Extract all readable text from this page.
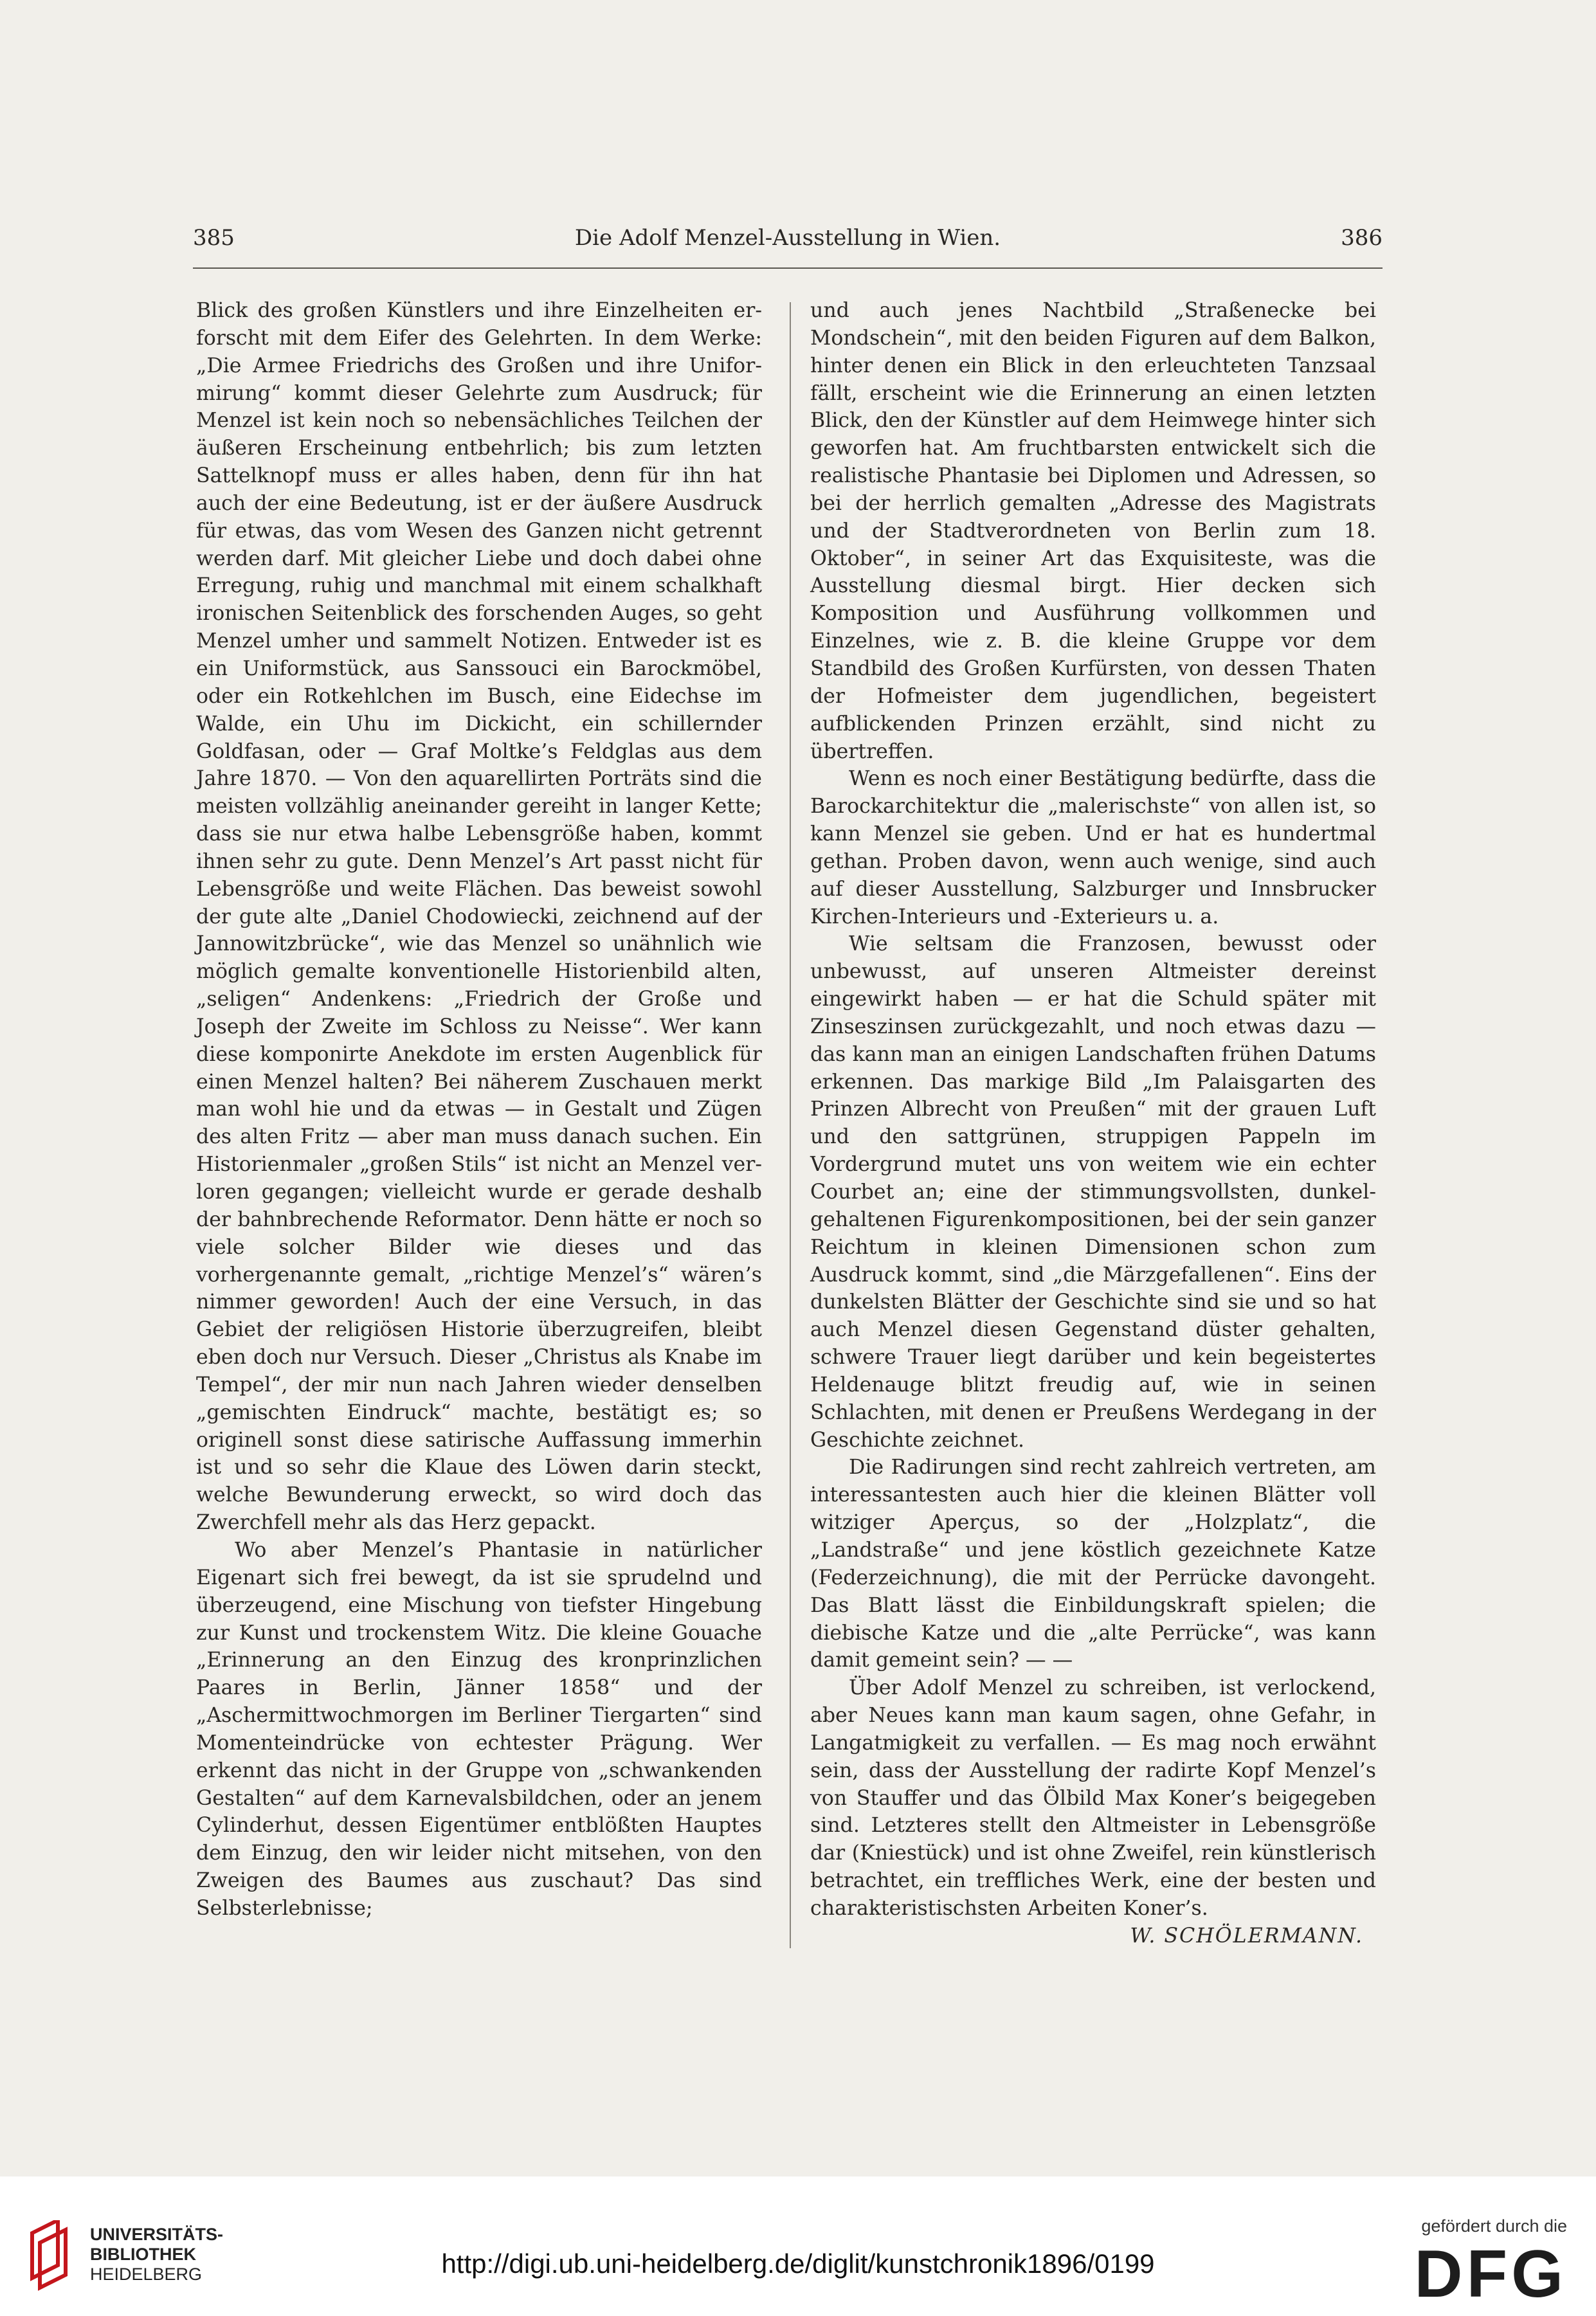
385	Die Adolf Menzel-Ausstellung in Wien.	386

Blick des großen Künstlers und ihre Einzelheiten erforscht mit dem Eifer des Gelehrten. In dem Werke: „Die Armee Friedrichs des Großen und ihre Uniformirung“ kommt dieser Gelehrte zum Ausdruck; für Menzel ist kein noch so nebensächliches Teilchen der äußeren Erscheinung entbehrlich; bis zum letzten Sattelknopf muss er alles haben, denn für ihn hat auch der eine Bedeutung, ist er der äußere Ausdruck für etwas, das vom Wesen des Ganzen nicht getrennt werden darf. Mit gleicher Liebe und doch dabei ohne Erregung, ruhig und manchmal mit einem schalkhaft ironischen Seitenblick des forschenden Auges, so geht Menzel umher und sammelt Notizen. Entweder ist es ein Uniformstück, aus Sanssouci ein Barockmöbel, oder ein Rotkehlchen im Busch, eine Eidechse im Walde, ein Uhu im Dickicht, ein schillernder Goldfasan, oder — Graf Moltke’s Feldglas aus dem Jahre 1870. — Von den aquarellirten Porträts sind die meisten vollzählig aneinander gereiht in langer Kette; dass sie nur etwa halbe Lebensgröße haben, kommt ihnen sehr zu gute. Denn Menzel’s Art passt nicht für Lebensgröße und weite Flächen. Das beweist sowohl der gute alte „Daniel Chodowiecki, zeichnend auf der Jannowitzbrücke“, wie das Menzel so unähnlich wie möglich gemalte konventionelle Historienbild alten, „seligen“ Andenkens: „Friedrich der Große und Joseph der Zweite im Schloss zu Neisse“. Wer kann diese komponirte Anekdote im ersten Augenblick für einen Menzel halten? Bei näherem Zuschauen merkt man wohl hie und da etwas — in Gestalt und Zügen des alten Fritz — aber man muss danach suchen. Ein Historienmaler „großen Stils“ ist nicht an Menzel verloren gegangen; vielleicht wurde er gerade deshalb der bahnbrechende Reformator. Denn hätte er noch so viele solcher Bilder wie dieses und das vorhergenannte gemalt, „richtige Menzel’s“ wären’s nimmer geworden! Auch der eine Versuch, in das Gebiet der religiösen Historie überzugreifen, bleibt eben doch nur Versuch. Dieser „Christus als Knabe im Tempel“, der mir nun nach Jahren wieder denselben „gemischten Eindruck“ machte, bestätigt es; so originell sonst diese satirische Auffassung immerhin ist und so sehr die Klaue des Löwen darin steckt, welche Bewunderung erweckt, so wird doch das Zwerchfell mehr als das Herz gepackt.

Wo aber Menzel’s Phantasie in natürlicher Eigenart sich frei bewegt, da ist sie sprudelnd und überzeugend, eine Mischung von tiefster Hingebung zur Kunst und trockenstem Witz. Die kleine Gouache „Erinnerung an den Einzug des kronprinzlichen Paares in Berlin, Jänner 1858“ und der „Aschermittwochmorgen im Berliner Tiergarten“ sind Momenteindrücke von echtester Prägung. Wer erkennt das nicht in der Gruppe von „schwankenden Gestalten“ auf dem Karnevalsbildchen, oder an jenem Cylinderhut, dessen Eigentümer entblößten Hauptes dem Einzug, den wir leider nicht mitsehen, von den Zweigen des Baumes aus zuschaut? Das sind Selbsterlebnisse;

und auch jenes Nachtbild „Straßenecke bei Mondschein“, mit den beiden Figuren auf dem Balkon, hinter denen ein Blick in den erleuchteten Tanzsaal fällt, erscheint wie die Erinnerung an einen letzten Blick, den der Künstler auf dem Heimwege hinter sich geworfen hat. Am fruchtbarsten entwickelt sich die realistische Phantasie bei Diplomen und Adressen, so bei der herrlich gemalten „Adresse des Magistrats und der Stadtverordneten von Berlin zum 18. Oktober“, in seiner Art das Exquisiteste, was die Ausstellung diesmal birgt. Hier decken sich Komposition und Ausführung vollkommen und Einzelnes, wie z. B. die kleine Gruppe vor dem Standbild des Großen Kurfürsten, von dessen Thaten der Hofmeister dem jugendlichen, begeistert aufblickenden Prinzen erzählt, sind nicht zu übertreffen.

Wenn es noch einer Bestätigung bedürfte, dass die Barockarchitektur die „malerischste“ von allen ist, so kann Menzel sie geben. Und er hat es hundertmal gethan. Proben davon, wenn auch wenige, sind auch auf dieser Ausstellung, Salzburger und Innsbrucker Kirchen-Interieurs und -Exterieurs u. a.

Wie seltsam die Franzosen, bewusst oder unbewusst, auf unseren Altmeister dereinst eingewirkt haben — er hat die Schuld später mit Zinseszinsen zurückgezahlt, und noch etwas dazu — das kann man an einigen Landschaften frühen Datums erkennen. Das markige Bild „Im Palaisgarten des Prinzen Albrecht von Preußen“ mit der grauen Luft und den sattgrünen, struppigen Pappeln im Vordergrund mutet uns von weitem wie ein echter Courbet an; eine der stimmungsvollsten, dunkelgehaltenen Figurenkompositionen, bei der sein ganzer Reichtum in kleinen Dimensionen schon zum Ausdruck kommt, sind „die Märzgefallenen“. Eins der dunkelsten Blätter der Geschichte sind sie und so hat auch Menzel diesen Gegenstand düster gehalten, schwere Trauer liegt darüber und kein begeistertes Heldenauge blitzt freudig auf, wie in seinen Schlachten, mit denen er Preußens Werdegang in der Geschichte zeichnet.

Die Radirungen sind recht zahlreich vertreten, am interessantesten auch hier die kleinen Blätter voll witziger Aperçus, so der „Holzplatz“, die „Landstraße“ und jene köstlich gezeichnete Katze (Federzeichnung), die mit der Perrücke davongeht. Das Blatt lässt die Einbildungskraft spielen; die diebische Katze und die „alte Perrücke“, was kann damit gemeint sein? — —

Über Adolf Menzel zu schreiben, ist verlockend, aber Neues kann man kaum sagen, ohne Gefahr, in Langatmigkeit zu verfallen. — Es mag noch erwähnt sein, dass der Ausstellung der radirte Kopf Menzel’s von Stauffer und das Ölbild Max Koner’s beigegeben sind. Letzteres stellt den Altmeister in Lebensgröße dar (Kniestück) und ist ohne Zweifel, rein künstlerisch betrachtet, ein treffliches Werk, eine der besten und charakteristischsten Arbeiten Koner’s.

W. SCHÖLERMANN.

UNIVERSITÄTS-
BIBLIOTHEK
HEIDELBERG	http://digi.ub.uni-heidelberg.de/diglit/kunstchronik1896/0199
gefördert durch die
DFG
